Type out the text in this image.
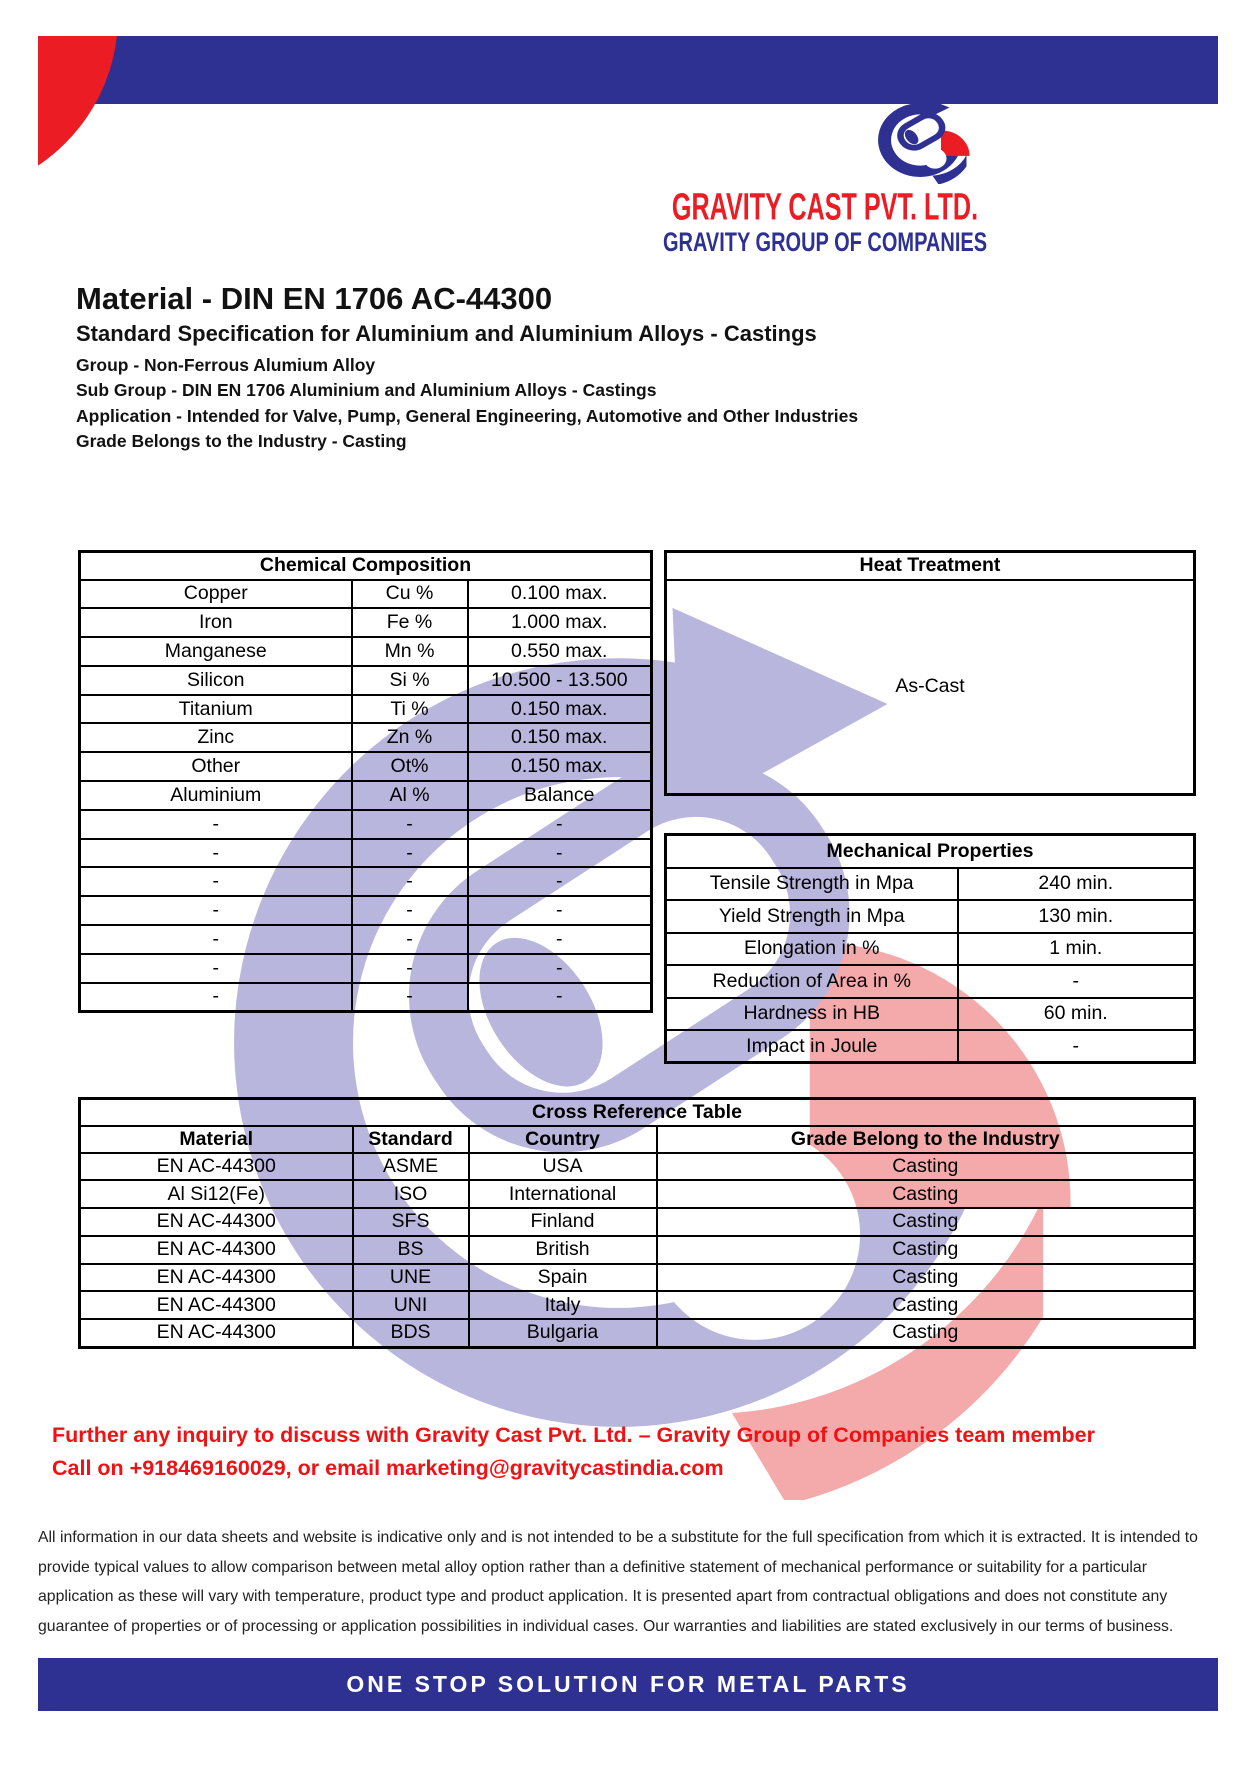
GRAVITY CAST PVT. LTD.
GRAVITY GROUP OF COMPANIES
Material - DIN EN 1706 AC-44300
Standard Specification for Aluminium and Aluminium Alloys - Castings
Group - Non-Ferrous Alumium Alloy
Sub Group - DIN EN 1706 Aluminium and Aluminium Alloys - Castings
Application - Intended for Valve, Pump, General Engineering, Automotive and Other Industries
Grade Belongs to the Industry - Casting
Chemical Composition		
Copper	Cu %	0.100 max.
Iron	Fe %	1.000 max.
Manganese	Mn %	0.550 max.
Silicon	Si %	10.500 - 13.500
Titanium	Ti %	0.150 max.
Zinc	Zn %	0.150 max.
Other	Ot%	0.150 max.
Aluminium	Al %	Balance
-	-	-
-	-	-
-	-	-
-	-	-
-	-	-
-	-	-
-	-	-
Heat Treatment
As-Cast
Mechanical Properties	
Tensile Strength in Mpa	240 min.
Yield Strength in Mpa	130 min.
Elongation in %	1 min.
Reduction of Area in %	-
Hardness in HB	60 min.
Impact in Joule	-
Cross Reference Table			
Material	Standard	Country	Grade Belong to the Industry
EN AC-44300	ASME	USA	Casting
Al Si12(Fe)	ISO	International	Casting
EN AC-44300	SFS	Finland	Casting
EN AC-44300	BS	British	Casting
EN AC-44300	UNE	Spain	Casting
EN AC-44300	UNI	Italy	Casting
EN AC-44300	BDS	Bulgaria	Casting
Further any inquiry to discuss with Gravity Cast Pvt. Ltd. – Gravity Group of Companies team member Call on +918469160029, or email marketing@gravitycastindia.com
All information in our data sheets and website is indicative only and is not intended to be a substitute for the full specification from which it is extracted. It is intended to provide typical values to allow comparison between metal alloy option rather than a definitive statement of mechanical performance or suitability for a particular application as these will vary with temperature, product type and product application. It is presented apart from contractual obligations and does not constitute any guarantee of properties or of processing or application possibilities in individual cases. Our warranties and liabilities are stated exclusively in our terms of business.
ONE STOP SOLUTION FOR METAL PARTS
